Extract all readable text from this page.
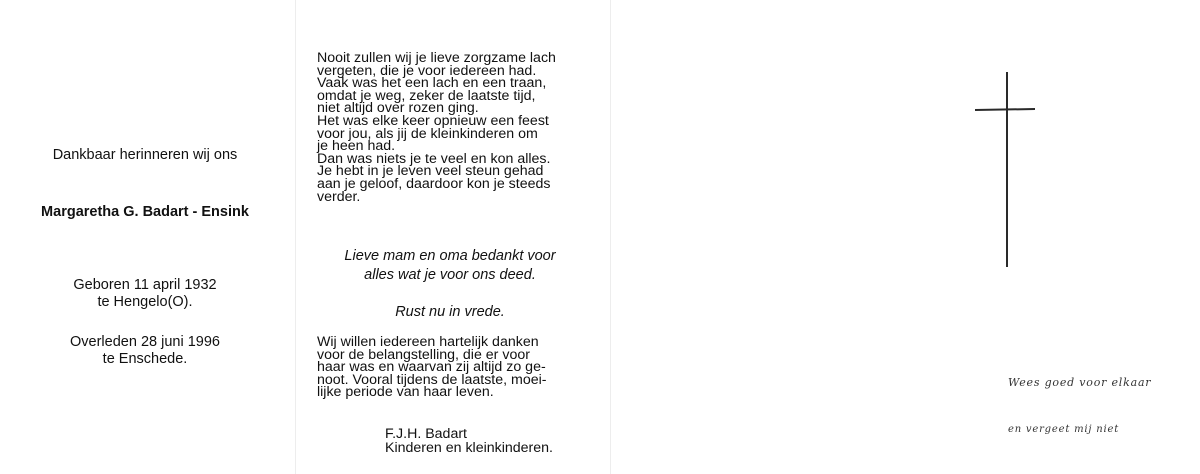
Dankbaar herinneren wij ons

Margaretha G. Badart - Ensink

Geboren 11 april 1932

te Hengelo(O).

Overleden 28 juni 1996

te Enschede.

Nooit zullen wij je lieve zorgzame lach
vergeten, die je voor iedereen had.
Vaak was het een lach en een traan,
omdat je weg, zeker de laatste tijd,
niet altijd over rozen ging.
Het was elke keer opnieuw een feest
voor jou, als jij de kleinkinderen om
je heen had.
Dan was niets je te veel en kon alles.
Je hebt in je leven veel steun gehad
aan je geloof, daardoor kon je steeds
verder.

Lieve mam en oma bedankt voor

alles wat je voor ons deed.

Rust nu in vrede.

Wij willen iedereen hartelijk danken
voor de belangstelling, die er voor
haar was en waarvan zij altijd zo ge-
noot. Vooral tijdens de laatste, moei-
lijke periode van haar leven.
F.J.H. Badart
Kinderen en kleinkinderen.
Wees goed voor elkaar
en vergeet mij niet
